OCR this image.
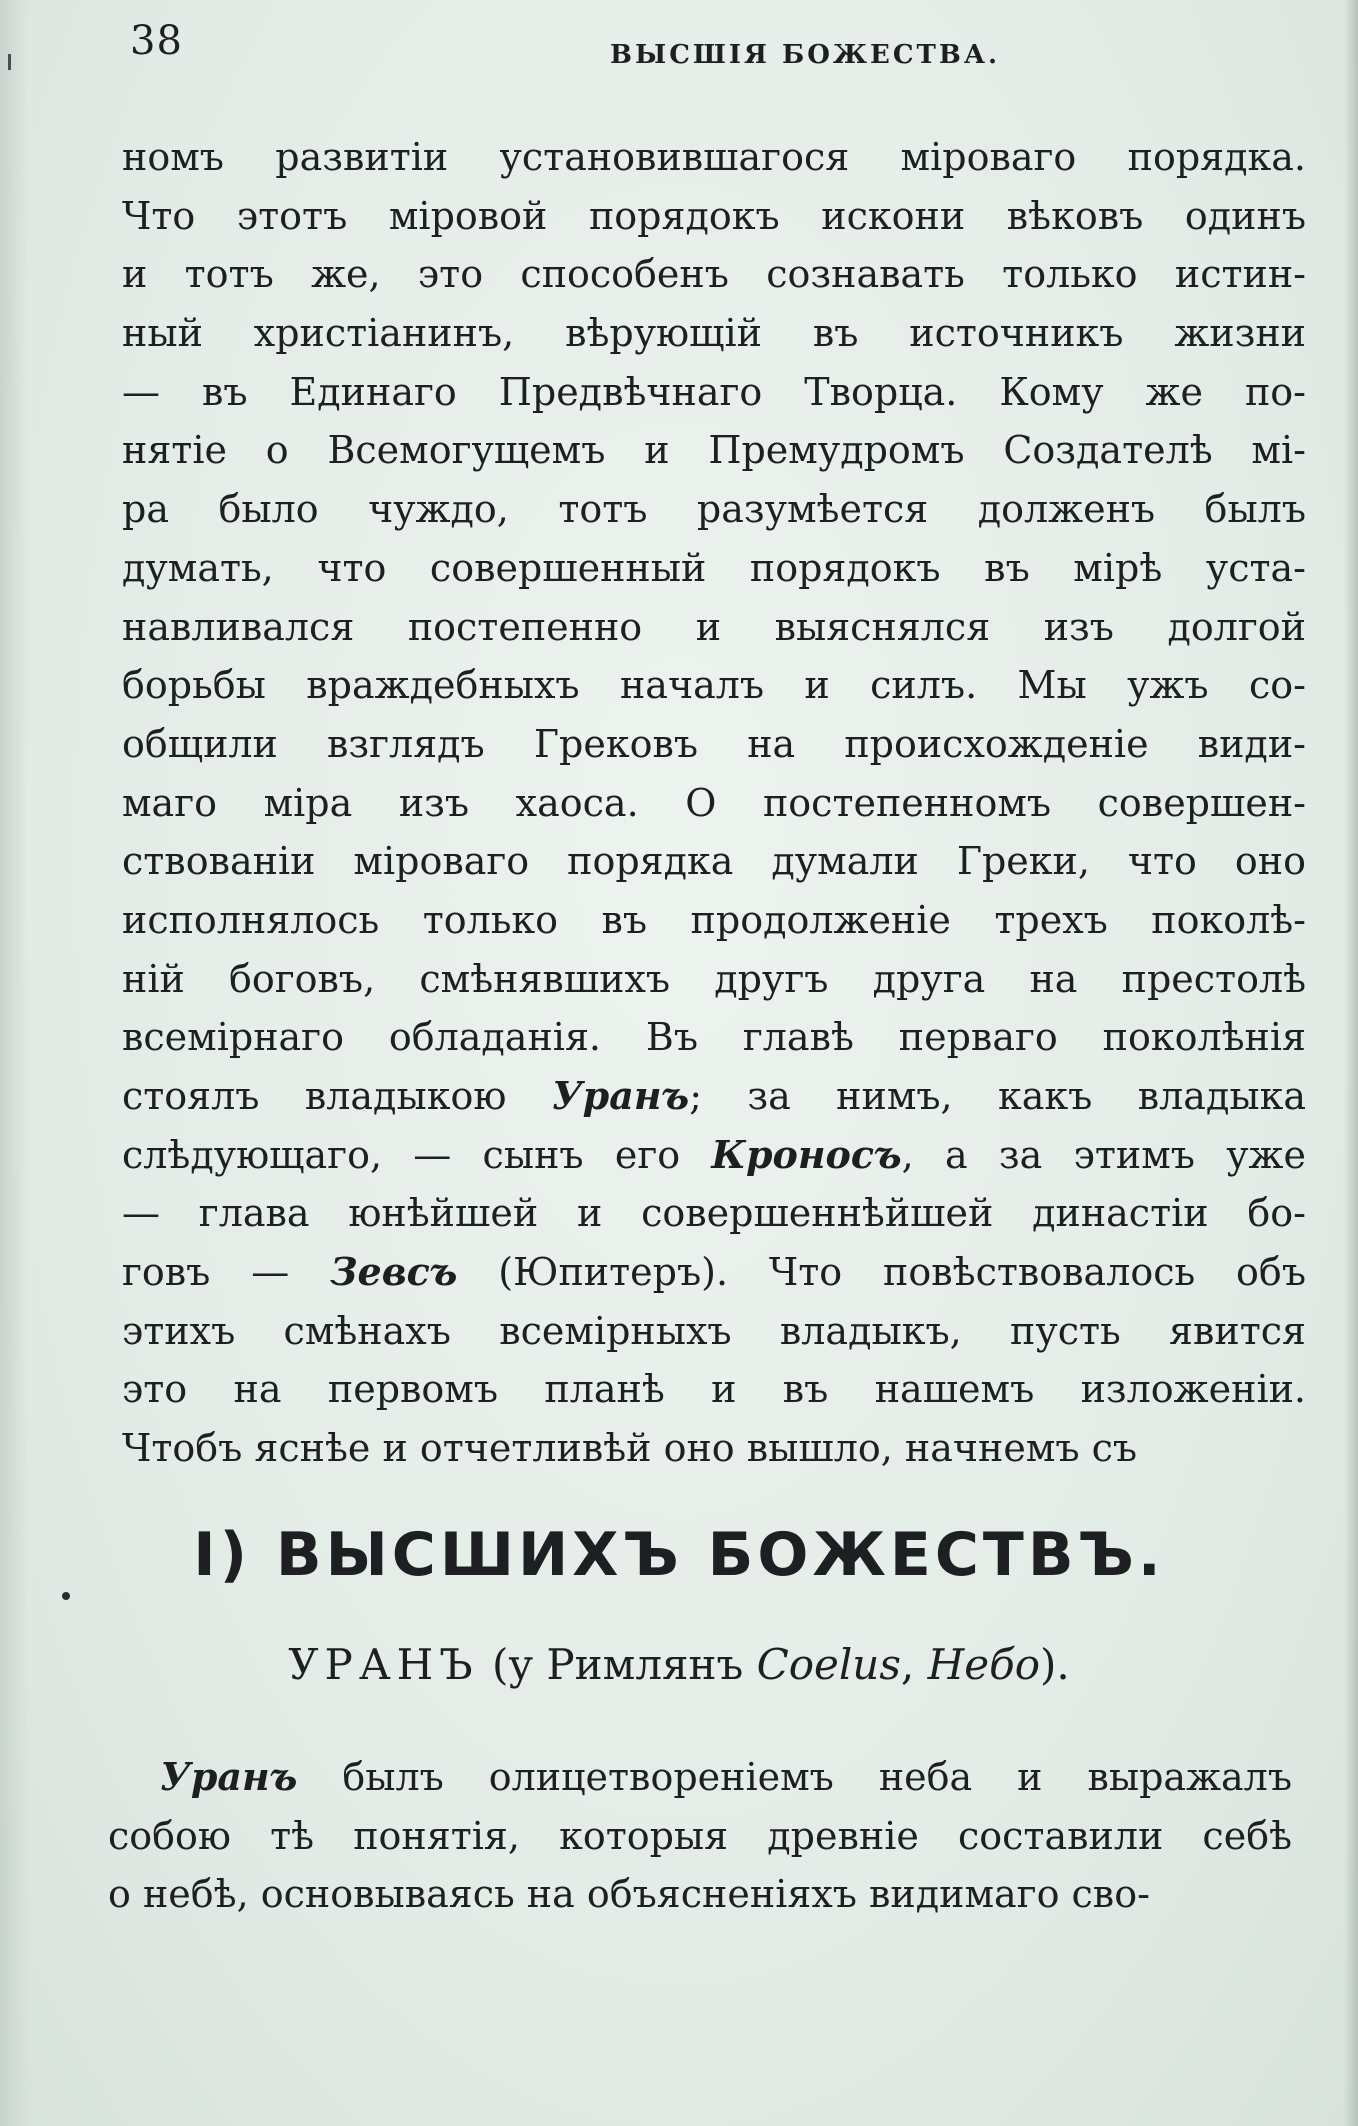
38	ВЫСШІЯ БОЖЕСТВА.
номъ развитіи установившагося міроваго порядка.
Что этотъ міровой порядокъ искони вѣковъ одинъ
и тотъ же, это способенъ сознавать только истин-
ный христіанинъ, вѣрующій въ источникъ жизни
— въ Единаго Предвѣчнаго Творца. Кому же по-
нятіе о Всемогущемъ и Премудромъ Создателѣ мі-
ра было чуждо, тотъ разумѣется долженъ былъ
думать, что совершенный порядокъ въ мірѣ уста-
навливался постепенно и выяснялся изъ долгой
борьбы враждебныхъ началъ и силъ. Мы ужъ со-
общили взглядъ Грековъ на происхожденіе види-
маго міра изъ хаоса. О постепенномъ совершен-
ствованіи міроваго порядка думали Греки, что оно
исполнялось только въ продолженіе трехъ поколѣ-
ній боговъ, смѣнявшихъ другъ друга на престолѣ
всемірнаго обладанія. Въ главѣ перваго поколѣнія
стоялъ владыкою Уранъ; за нимъ, какъ владыка
слѣдующаго, — сынъ его Кроносъ, а за этимъ уже
— глава юнѣйшей и совершеннѣйшей династіи бо-
говъ — Зевсъ (Юпитеръ). Что повѣствовалось объ
этихъ смѣнахъ всемірныхъ владыкъ, пусть явится
это на первомъ планѣ и въ нашемъ изложеніи.
Чтобъ яснѣе и отчетливѣй оно вышло, начнемъ съ
I) ВЫСШИХЪ БОЖЕСТВЪ.
УРАНЪ (у Римлянъ Coelus, Небо).
Уранъ былъ олицетвореніемъ неба и выражалъ
собою тѣ понятія, которыя древніе составили себѣ
о небѣ, основываясь на объясненіяхъ видимаго сво-
